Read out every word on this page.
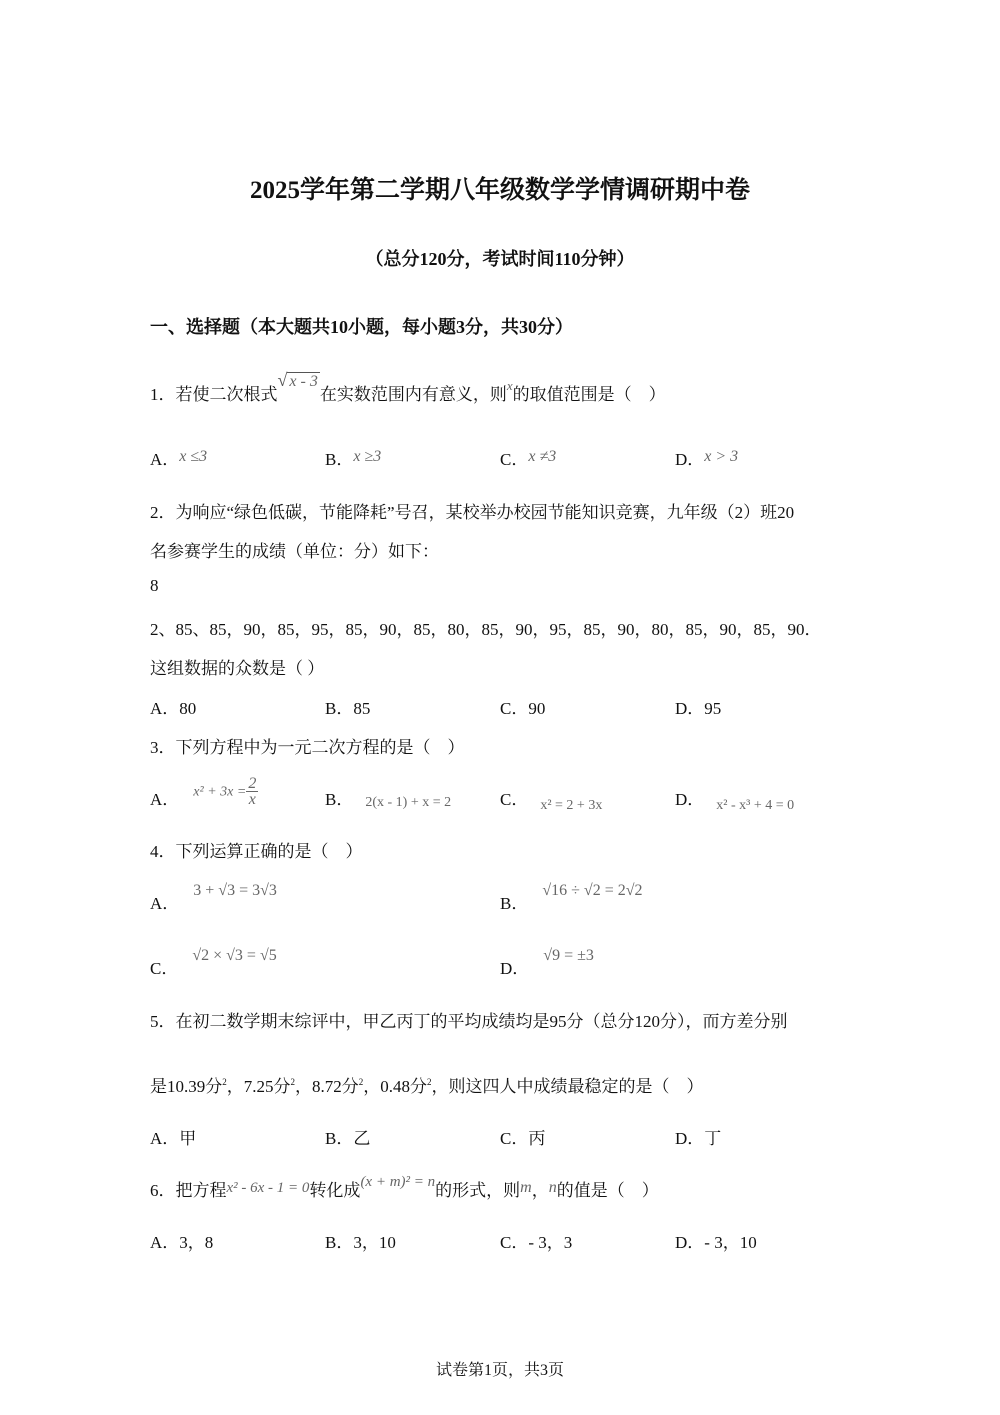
2025学年第二学期八年级数学学情调研期中卷
（总分120分，考试时间110分钟）
一、选择题（本大题共10小题，每小题3分，共30分）
1．若使二次根式√ x - 3在实数范围内有意义，则$^x$的取值范围是（　）
A．x ≤3	B．x ≥3	C．x ≠3	D．x > 3
2．为响应“绿色低碳，节能降耗”号召，某校举办校园节能知识竞赛，九年级（2）班20
名参赛学生的成绩（单位：分）如下：
8
2、85、85，90，85，95，85，90，85，80，85，90，95，85，90，80，85，90，85，90．
这组数据的众数是（ ）
A．80	B．85	C．90	D．95
3．下列方程中为一元二次方程的是（　）
A． $x^2 + 3x = \frac{2}{x}$	B． 2(x - 1) + x = 2	C． $_{x^2 = 2 + 3x}$	D． $_{x^2 - x^3 + 4 = 0}$
4．下列运算正确的是（　）
A．3 + √3 = 3√3
B．√16 ÷ √2 = 2√2
C．√2 × √3 = √5
D．√9 = ±3
5．在初二数学期末综评中，甲乙丙丁的平均成绩均是95分（总分120分），而方差分别
是10.39分$^2$，7.25分$^2$，8.72分$^2$，0.48分$^2$，则这四人中成绩最稳定的是（　）
A．甲	B．乙	C．丙	D．丁
6．把方程x² - 6x - 1 = 0转化成(x + m)² = n的形式，则m，n的值是（　）
A．3，8	B．3，10	C．- 3，3	D．- 3，10
试卷第1页，共3页
